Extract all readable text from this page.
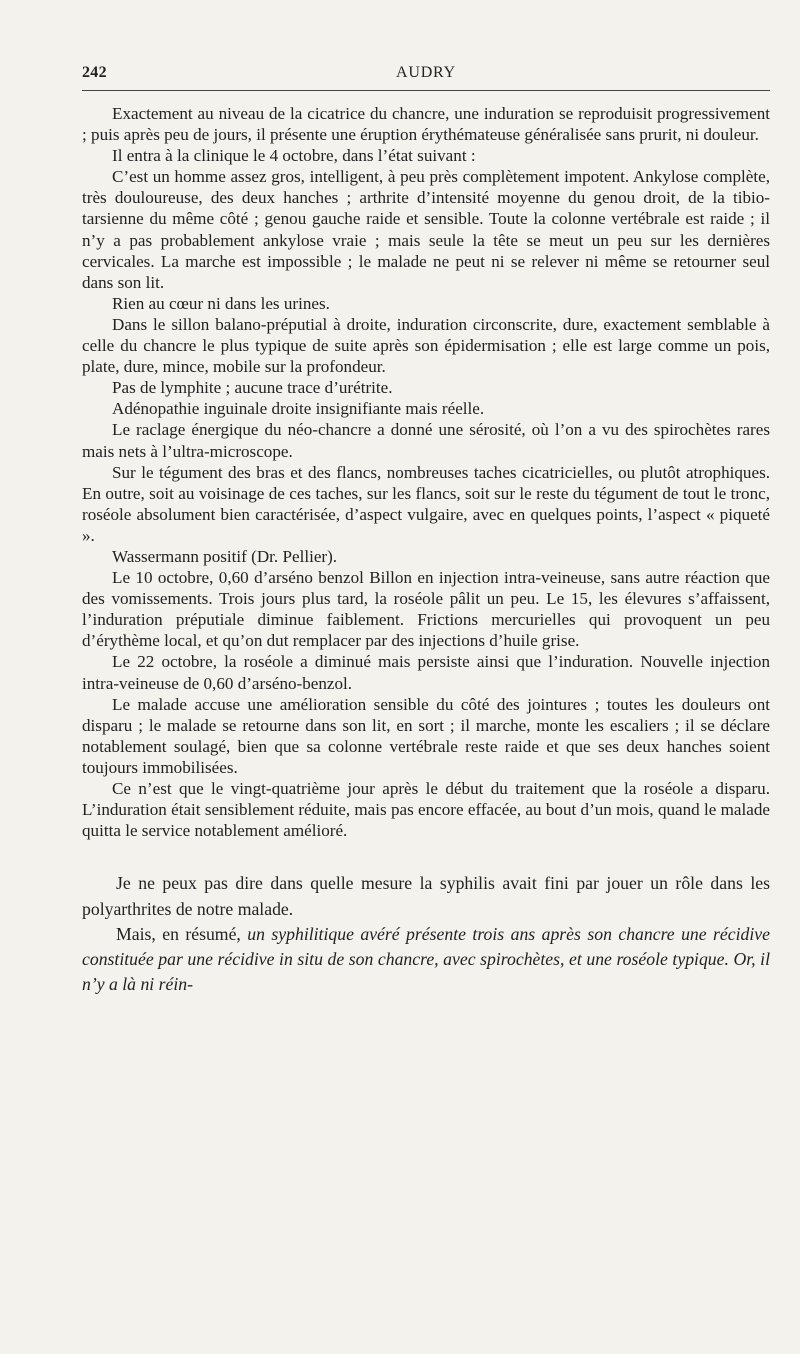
242	AUDRY

Exactement au niveau de la cicatrice du chancre, une induration se reproduisit progressivement ; puis après peu de jours, il présente une éruption érythémateuse généralisée sans prurit, ni douleur.

Il entra à la clinique le 4 octobre, dans l’état suivant :

C’est un homme assez gros, intelligent, à peu près complètement impotent. Ankylose complète, très douloureuse, des deux hanches ; arthrite d’intensité moyenne du genou droit, de la tibio-tarsienne du même côté ; genou gauche raide et sensible. Toute la colonne vertébrale est raide ; il n’y a pas probablement ankylose vraie ; mais seule la tête se meut un peu sur les dernières cervicales. La marche est impossible ; le malade ne peut ni se relever ni même se retourner seul dans son lit.

Rien au cœur ni dans les urines.

Dans le sillon balano-préputial à droite, induration circonscrite, dure, exactement semblable à celle du chancre le plus typique de suite après son épidermisation ; elle est large comme un pois, plate, dure, mince, mobile sur la profondeur.

Pas de lymphite ; aucune trace d’urétrite.

Adénopathie inguinale droite insignifiante mais réelle.

Le raclage énergique du néo-chancre a donné une sérosité, où l’on a vu des spirochètes rares mais nets à l’ultra-microscope.

Sur le tégument des bras et des flancs, nombreuses taches cicatricielles, ou plutôt atrophiques. En outre, soit au voisinage de ces taches, sur les flancs, soit sur le reste du tégument de tout le tronc, roséole absolument bien caractérisée, d’aspect vulgaire, avec en quelques points, l’aspect « piqueté ».

Wassermann positif (Dr. Pellier).

Le 10 octobre, 0,60 d’arséno benzol Billon en injection intra-veineuse, sans autre réaction que des vomissements. Trois jours plus tard, la roséole pâlit un peu. Le 15, les élevures s’affaissent, l’induration préputiale diminue faiblement. Frictions mercurielles qui provoquent un peu d’érythème local, et qu’on dut remplacer par des injections d’huile grise.

Le 22 octobre, la roséole a diminué mais persiste ainsi que l’induration. Nouvelle injection intra-veineuse de 0,60 d’arséno-benzol.

Le malade accuse une amélioration sensible du côté des jointures ; toutes les douleurs ont disparu ; le malade se retourne dans son lit, en sort ; il marche, monte les escaliers ; il se déclare notablement soulagé, bien que sa colonne vertébrale reste raide et que ses deux hanches soient toujours immobilisées.

Ce n’est que le vingt-quatrième jour après le début du traitement que la roséole a disparu. L’induration était sensiblement réduite, mais pas encore effacée, au bout d’un mois, quand le malade quitta le service notablement amélioré.

Je ne peux pas dire dans quelle mesure la syphilis avait fini par jouer un rôle dans les polyarthrites de notre malade.

Mais, en résumé, un syphilitique avéré présente trois ans après son chancre une récidive constituée par une récidive in situ de son chancre, avec spirochètes, et une roséole typique. Or, il n’y a là ni réin-
